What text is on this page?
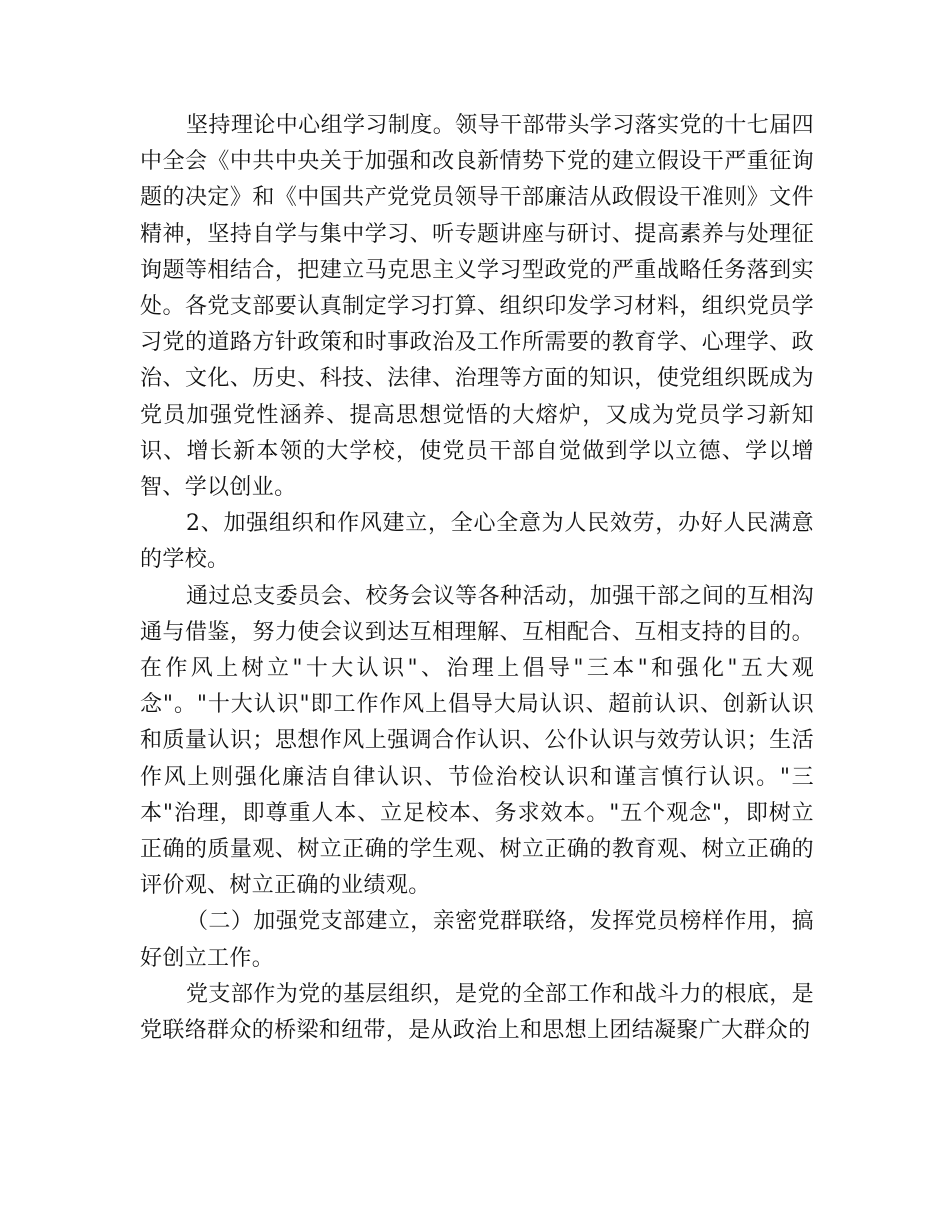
坚持理论中心组学习制度。领导干部带头学习落实党的十七届四中全会《中共中央关于加强和改良新情势下党的建立假设干严重征询题的决定》和《中国共产党党员领导干部廉洁从政假设干准则》文件精神，坚持自学与集中学习、听专题讲座与研讨、提高素养与处理征询题等相结合，把建立马克思主义学习型政党的严重战略任务落到实处。各党支部要认真制定学习打算、组织印发学习材料，组织党员学习党的道路方针政策和时事政治及工作所需要的教育学、心理学、政治、文化、历史、科技、法律、治理等方面的知识，使党组织既成为党员加强党性涵养、提高思想觉悟的大熔炉，又成为党员学习新知识、增长新本领的大学校，使党员干部自觉做到学以立德、学以增智、学以创业。

2、加强组织和作风建立，全心全意为人民效劳，办好人民满意的学校。

通过总支委员会、校务会议等各种活动，加强干部之间的互相沟通与借鉴，努力使会议到达互相理解、互相配合、互相支持的目的。在作风上树立"十大认识"、治理上倡导"三本"和强化"五大观念"。"十大认识"即工作作风上倡导大局认识、超前认识、创新认识和质量认识；思想作风上强调合作认识、公仆认识与效劳认识；生活作风上则强化廉洁自律认识、节俭治校认识和谨言慎行认识。"三本"治理，即尊重人本、立足校本、务求效本。"五个观念"，即树立正确的质量观、树立正确的学生观、树立正确的教育观、树立正确的评价观、树立正确的业绩观。

（二）加强党支部建立，亲密党群联络，发挥党员榜样作用，搞好创立工作。

党支部作为党的基层组织，是党的全部工作和战斗力的根底，是党联络群众的桥梁和纽带，是从政治上和思想上团结凝聚广大群众的
